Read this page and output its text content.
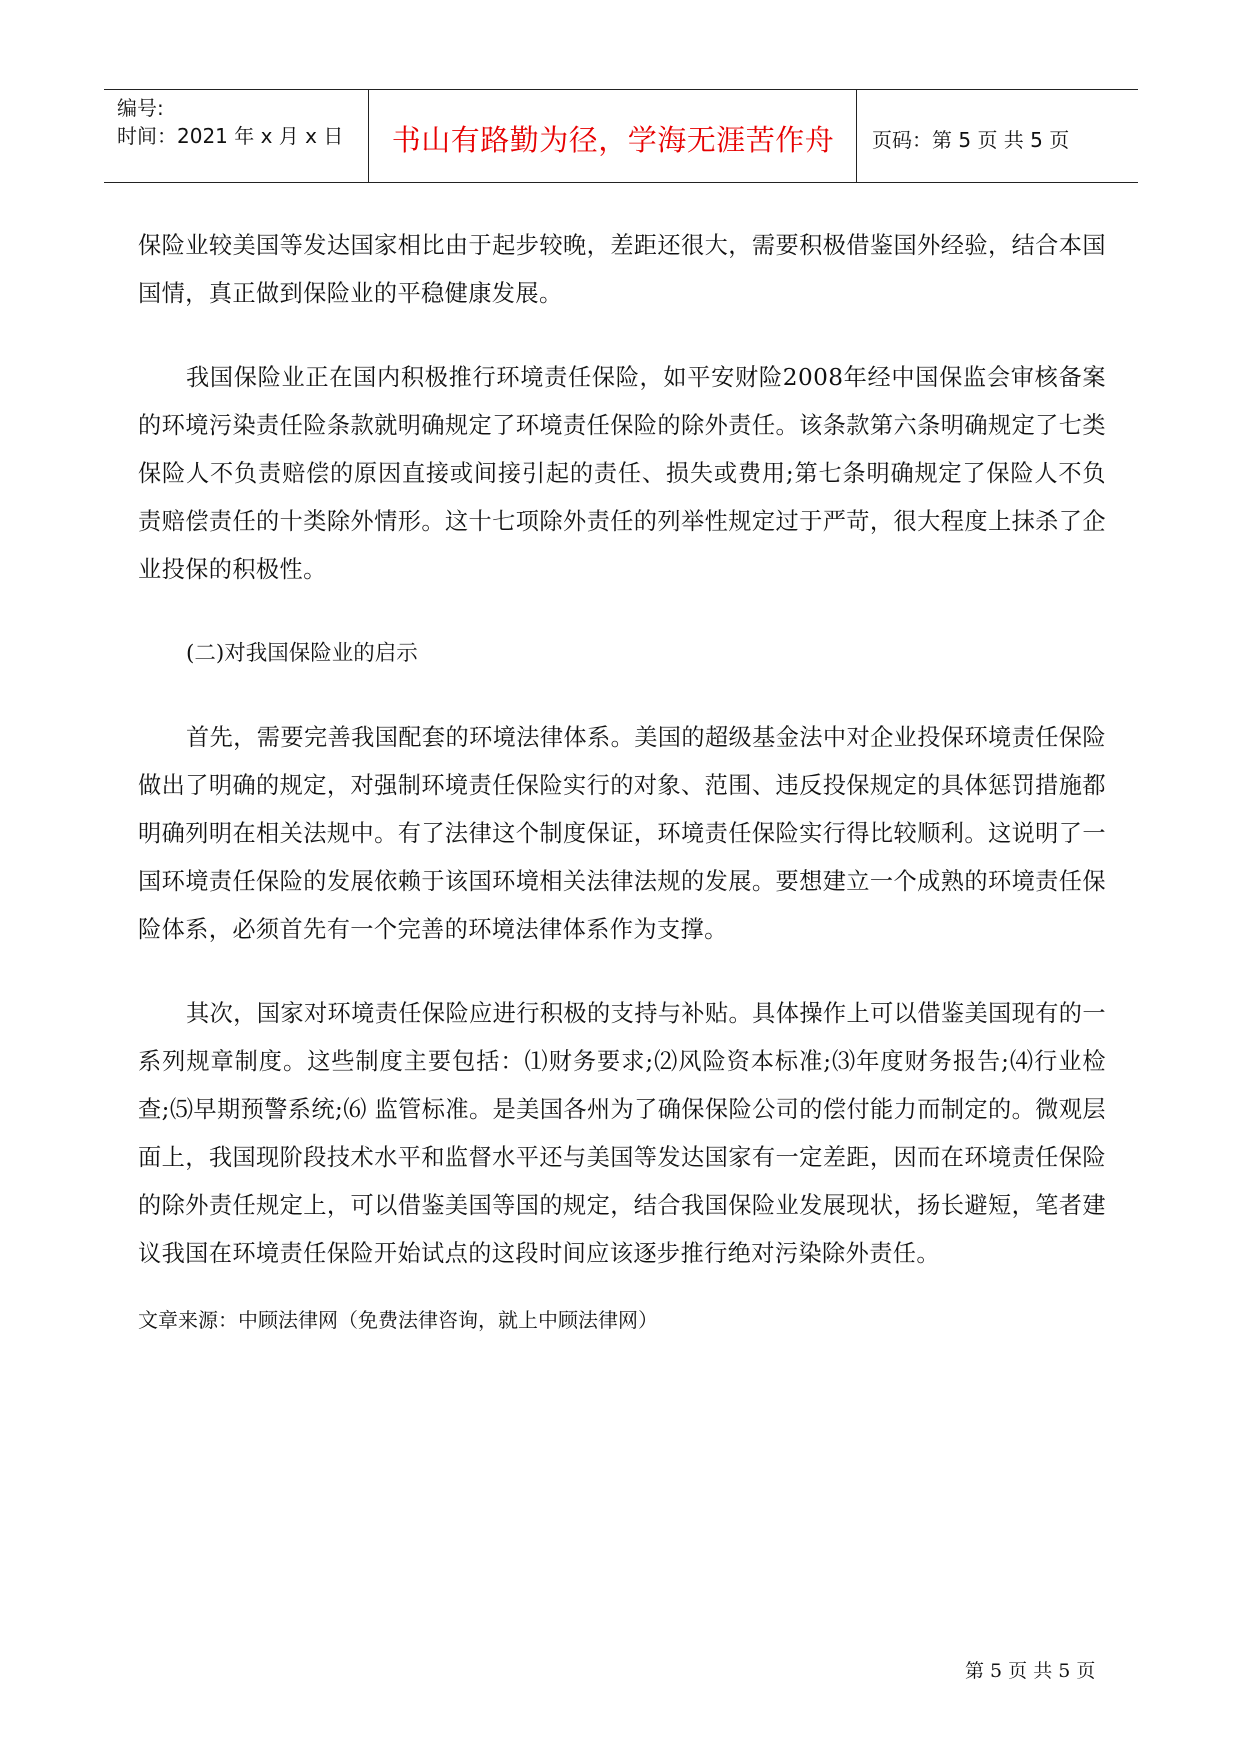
编号:
时间：2021 年 x 月 x 日	书山有路勤为径，学海无涯苦作舟	页码：第 5 页 共 5 页

保险业较美国等发达国家相比由于起步较晚，差距还很大，需要积极借鉴国外经验，结合本国国情，真正做到保险业的平稳健康发展。

我国保险业正在国内积极推行环境责任保险，如平安财险2008年经中国保监会审核备案的环境污染责任险条款就明确规定了环境责任保险的除外责任。该条款第六条明确规定了七类保险人不负责赔偿的原因直接或间接引起的责任、损失或费用;第七条明确规定了保险人不负责赔偿责任的十类除外情形。这十七项除外责任的列举性规定过于严苛，很大程度上抹杀了企业投保的积极性。

(二)对我国保险业的启示

首先，需要完善我国配套的环境法律体系。美国的超级基金法中对企业投保环境责任保险做出了明确的规定，对强制环境责任保险实行的对象、范围、违反投保规定的具体惩罚措施都明确列明在相关法规中。有了法律这个制度保证，环境责任保险实行得比较顺利。这说明了一国环境责任保险的发展依赖于该国环境相关法律法规的发展。要想建立一个成熟的环境责任保险体系，必须首先有一个完善的环境法律体系作为支撑。

其次，国家对环境责任保险应进行积极的支持与补贴。具体操作上可以借鉴美国现有的一系列规章制度。这些制度主要包括：⑴财务要求;⑵风险资本标准;⑶年度财务报告;⑷行业检查;⑸早期预警系统;⑹ 监管标准。是美国各州为了确保保险公司的偿付能力而制定的。微观层面上，我国现阶段技术水平和监督水平还与美国等发达国家有一定差距，因而在环境责任保险的除外责任规定上，可以借鉴美国等国的规定，结合我国保险业发展现状，扬长避短，笔者建议我国在环境责任保险开始试点的这段时间应该逐步推行绝对污染除外责任。

文章来源：中顾法律网（免费法律咨询，就上中顾法律网）
第 5 页 共 5 页
